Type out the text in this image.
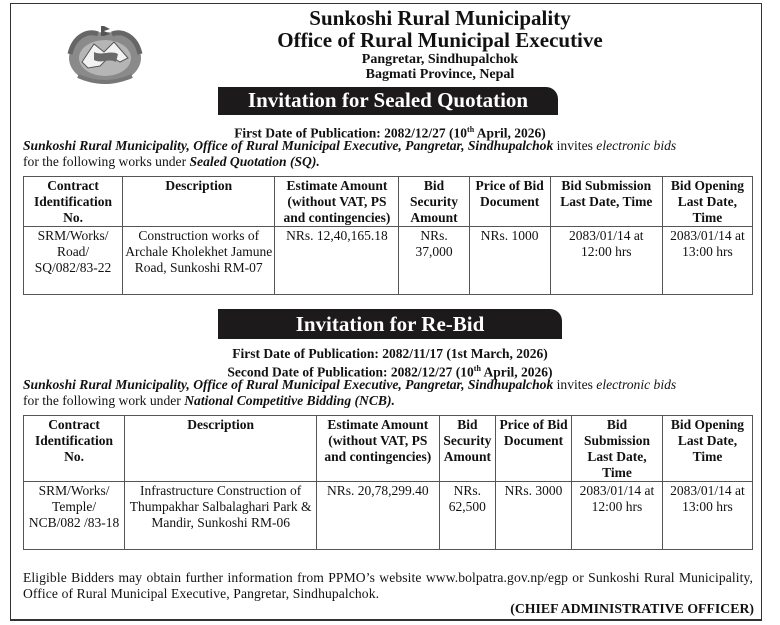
Sunkoshi Rural Municipality
Office of Rural Municipal Executive
Pangretar, Sindhupalchok
Bagmati Province, Nepal
Invitation for Sealed Quotation
First Date of Publication: 2082/12/27 (10th April, 2026)
Sunkoshi Rural Municipality, Office of Rural Municipal Executive, Pangretar, Sindhupalchok invites electronic bids
for the following works under Sealed Quotation (SQ).
Contract Identification No.	Description	Estimate Amount (without VAT, PS and contingencies)	Bid Security Amount	Price of Bid Document	Bid Submission Last Date, Time	Bid Opening Last Date, Time
SRM/Works/ Road/ SQ/082/83-22	Construction works of Archale Kholekhet Jamune Road, Sunkoshi RM-07	NRs. 12,40,165.18	NRs. 37,000	NRs. 1000	2083/01/14 at 12:00 hrs	2083/01/14 at 13:00 hrs
Invitation for Re-Bid
First Date of Publication: 2082/11/17 (1st March, 2026)
Second Date of Publication: 2082/12/27 (10th April, 2026)
Sunkoshi Rural Municipality, Office of Rural Municipal Executive, Pangretar, Sindhupalchok invites electronic bids
for the following work under National Competitive Bidding (NCB).
Contract Identification No.	Description	Estimate Amount (without VAT, PS and contingencies)	Bid Security Amount	Price of Bid Document	Bid Submission Last Date, Time	Bid Opening Last Date, Time
SRM/Works/ Temple/ NCB/082 /83-18	Infrastructure Construction of Thumpakhar Salbalaghari Park & Mandir, Sunkoshi RM-06	NRs. 20,78,299.40	NRs. 62,500	NRs. 3000	2083/01/14 at 12:00 hrs	2083/01/14 at 13:00 hrs
Eligible Bidders may obtain further information from PPMO’s website www.bolpatra.gov.np/egp or Sunkoshi Rural Municipality, Office of Rural Municipal Executive, Pangretar, Sindhupalchok.
(CHIEF ADMINISTRATIVE OFFICER)
